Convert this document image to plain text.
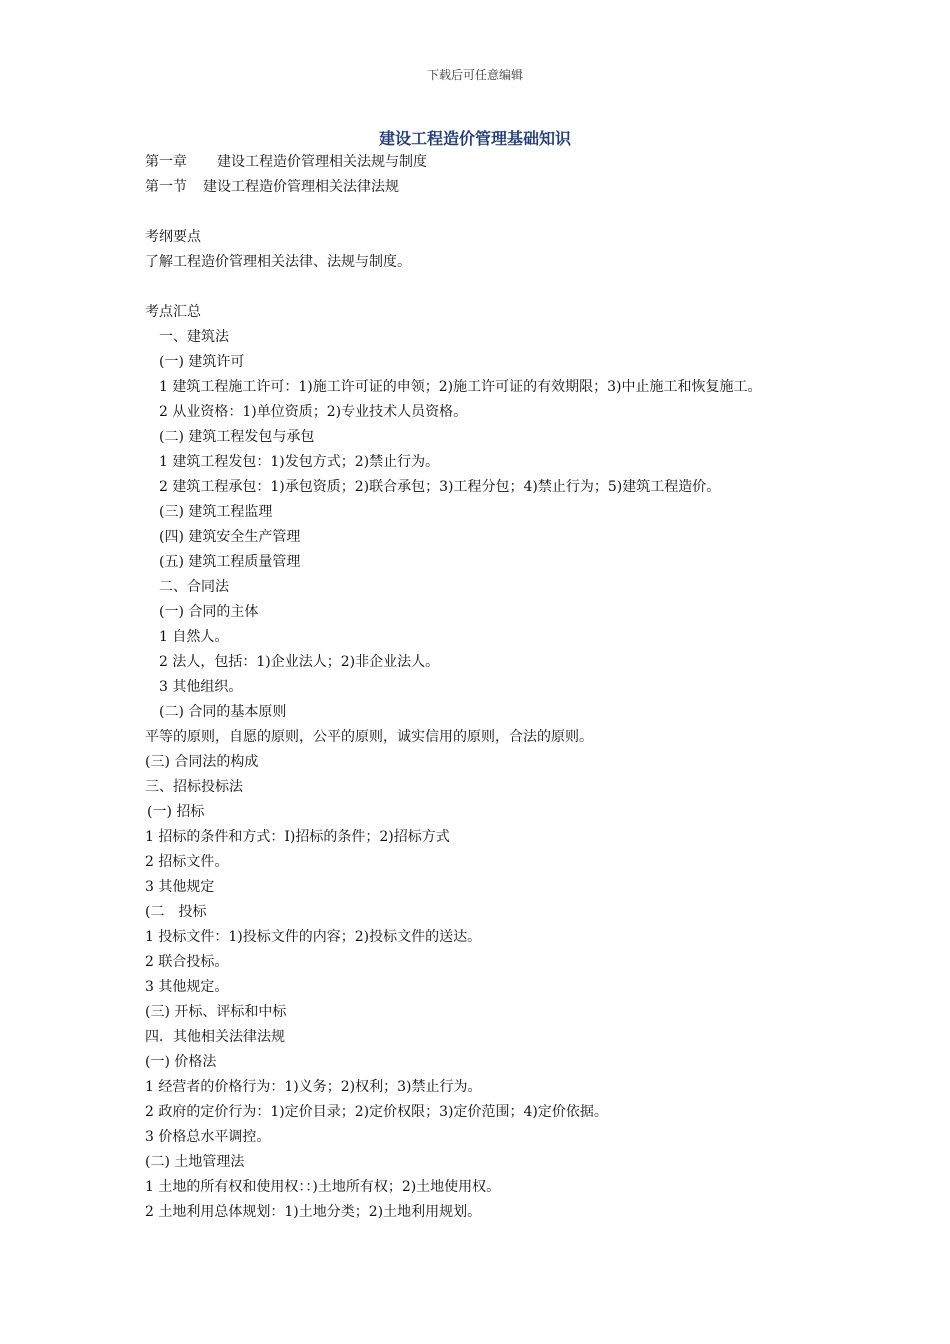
下载后可任意编辑
建设工程造价管理基础知识
第一章 建设工程造价管理相关法规与制度
第一节 建设工程造价管理相关法律法规
考纲要点
了解工程造价管理相关法律、法规与制度。
考点汇总
一、建筑法
(一) 建筑许可
1 建筑工程施工许可：1)施工许可证的申领；2)施工许可证的有效期限；3)中止施工和恢复施工。
2 从业资格：1)单位资质；2)专业技术人员资格。
(二) 建筑工程发包与承包
1 建筑工程发包：1)发包方式；2)禁止行为。
2 建筑工程承包：1)承包资质；2)联合承包；3)工程分包；4)禁止行为；5)建筑工程造价。
(三) 建筑工程监理
(四) 建筑安全生产管理
(五) 建筑工程质量管理
二、合同法
(一) 合同的主体
1 自然人。
2 法人，包括：1)企业法人；2)非企业法人。
3 其他组织。
(二) 合同的基本原则
平等的原则，自愿的原则，公平的原则，诚实信用的原则，合法的原则。
(三) 合同法的构成
三、招标投标法
(一) 招标
1 招标的条件和方式：I)招标的条件；2)招标方式
2 招标文件。
3 其他规定
(二 投标
1 投标文件：1)投标文件的内容；2)投标文件的送达。
2 联合投标。
3 其他规定。
(三) 开标、评标和中标
四．其他相关法律法规
(一) 价格法
1 经营者的价格行为：1)义务；2)权利；3)禁止行为。
2 政府的定价行为：1)定价目录；2)定价权限；3)定价范围；4)定价依据。
3 价格总水平调控。
(二) 土地管理法
1 土地的所有权和使用权：：)土地所有权；2)土地使用权。
2 土地利用总体规划：1)土地分类；2)土地利用规划。
